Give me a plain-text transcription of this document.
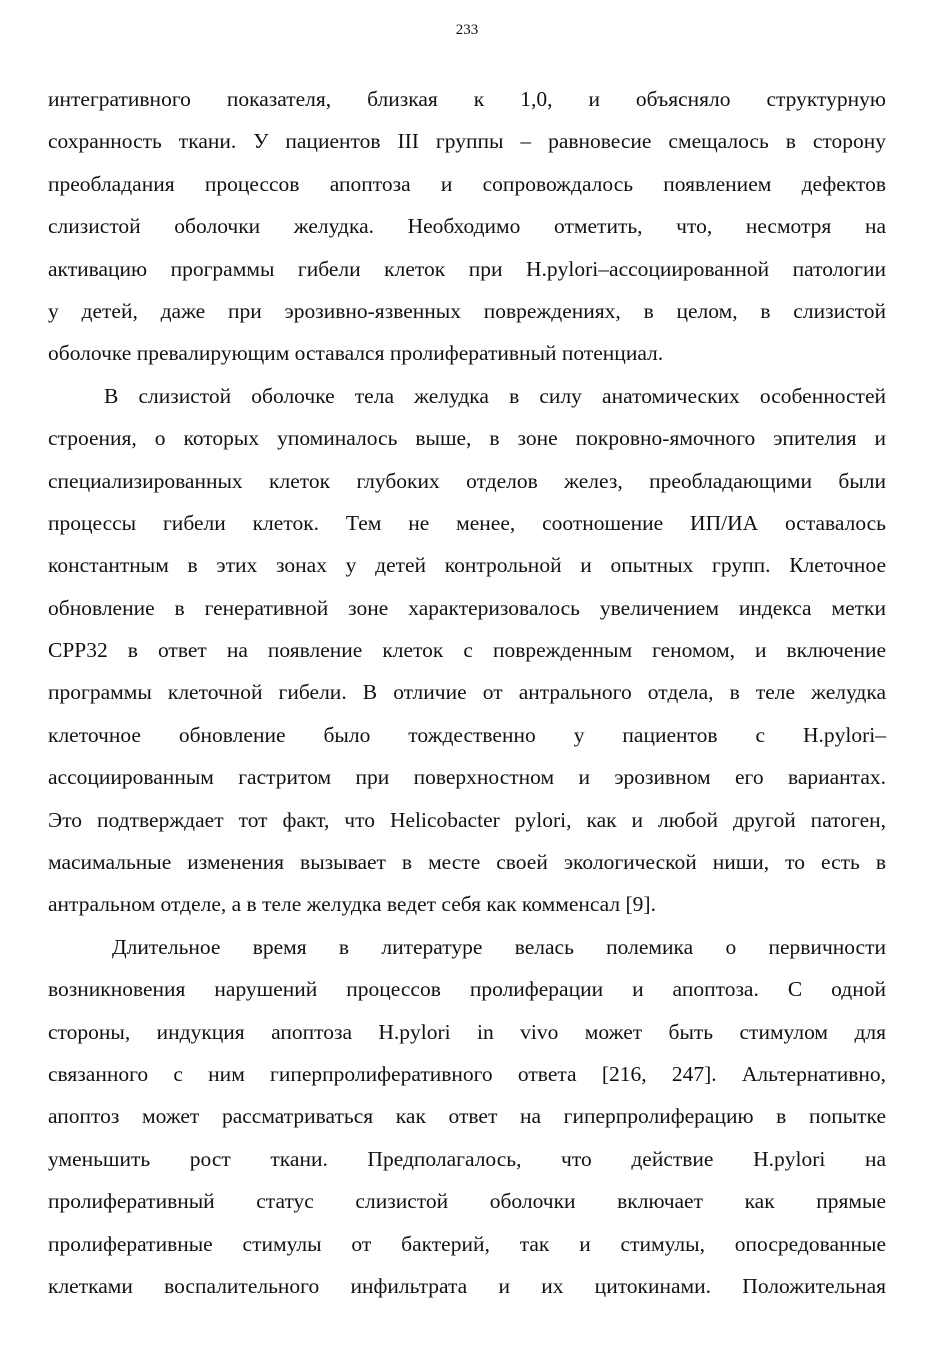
233
интегративного показателя, близкая к 1,0, и объясняло структурную
сохранность ткани. У пациентов III группы – равновесие смещалось в сторону
преобладания процессов апоптоза и сопровождалось появлением дефектов
слизистой оболочки желудка. Необходимо отметить, что, несмотря на
активацию программы гибели клеток при H.pylori–ассоциированной патологии
у детей, даже при эрозивно-язвенных повреждениях, в целом, в слизистой
оболочке превалирующим оставался пролиферативный потенциал.
В слизистой оболочке тела желудка в силу анатомических особенностей
строения, о которых упоминалось выше, в зоне покровно-ямочного эпителия и
специализированных клеток глубоких отделов желез, преобладающими были
процессы гибели клеток. Тем не менее, соотношение ИП/ИА оставалось
константным в этих зонах у детей контрольной и опытных групп. Клеточное
обновление в генеративной зоне характеризовалось увеличением индекса метки
CPP32 в ответ на появление клеток с поврежденным геномом, и включение
программы клеточной гибели. В отличие от антрального отдела, в теле желудка
клеточное обновление было тождественно у пациентов с H.pylori–
ассоциированным гастритом при поверхностном и эрозивном его вариантах.
Это подтверждает тот факт, что Helicobacter pylori, как и любой другой патоген,
масимальные изменения вызывает в месте своей экологической ниши, то есть в
антральном отделе, а в теле желудка ведет себя как комменсал [9].
Длительное время в литературе велась полемика о первичности
возникновения нарушений процессов пролиферации и апоптоза. С одной
стороны, индукция апоптоза H.pylori in vivo может быть стимулом для
связанного с ним гиперпролиферативного ответа [216, 247]. Альтернативно,
апоптоз может рассматриваться как ответ на гиперпролиферацию в попытке
уменьшить рост ткани. Предполагалось, что действие H.pylori на
пролиферативный статус слизистой оболочки включает как прямые
пролиферативные стимулы от бактерий, так и стимулы, опосредованные
клетками воспалительного инфильтрата и их цитокинами. Положительная
